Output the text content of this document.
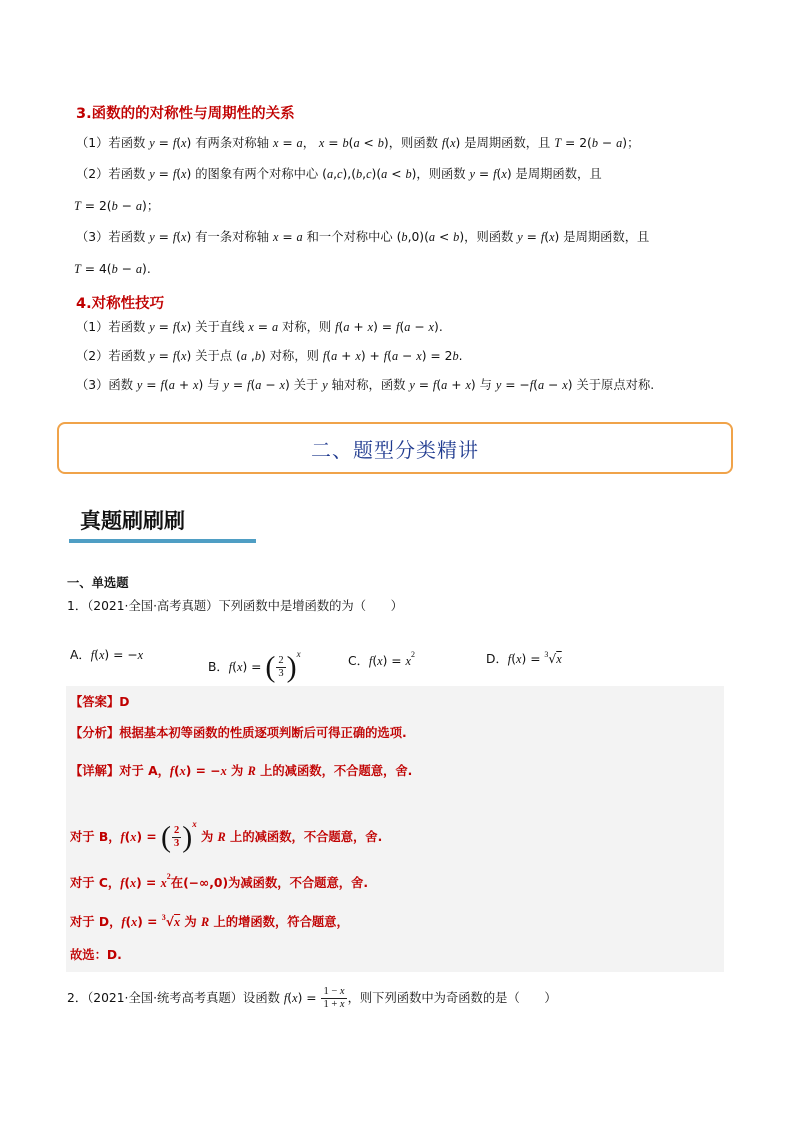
3.函数的的对称性与周期性的关系
（1）若函数 y = f(x) 有两条对称轴 x = a， x = b(a < b)，则函数 f(x) 是周期函数，且 T = 2(b − a)；
（2）若函数 y = f(x) 的图象有两个对称中心 (a,c),(b,c)(a < b)，则函数 y = f(x) 是周期函数，且
T = 2(b − a)；
（3）若函数 y = f(x) 有一条对称轴 x = a 和一个对称中心 (b,0)(a < b)，则函数 y = f(x) 是周期函数，且
T = 4(b − a).
4.对称性技巧
（1）若函数 y = f(x) 关于直线 x = a 对称，则 f(a + x) = f(a − x).
（2）若函数 y = f(x) 关于点 (a ,b) 对称，则 f(a + x) + f(a − x) = 2b.
（3）函数 y = f(a + x) 与 y = f(a − x) 关于 y 轴对称，函数 y = f(a + x) 与 y = −f(a − x) 关于原点对称.
二、题型分类精讲
真题刷刷刷
一、单选题
1．（2021·全国·高考真题）下列函数中是增函数的为（　　）
A．f(x) = −x
B．f(x) = ( $\frac{2}{3} )^x$	C．$f(x) = x^2$	D．f(x) = $^3$√x
【答案】D
【分析】根据基本初等函数的性质逐项判断后可得正确的选项.
【详解】对于 A，f(x) = −x 为 R 上的减函数，不合题意，舍.
对于 B，f(x) = ( $\frac{2}{3} )^x$ 为 R 上的减函数，不合题意，舍.
对于 C，$f(x) = x^2$在(−∞,0)为减函数，不合题意，舍.
对于 D，f(x) = $^3$√x 为 R 上的增函数，符合题意，
故选：D.
2．（2021·全国·统考高考真题）设函数 $f(x) = \frac{1 - x}{1 + x}$ ，则下列函数中为奇函数的是（　　）
